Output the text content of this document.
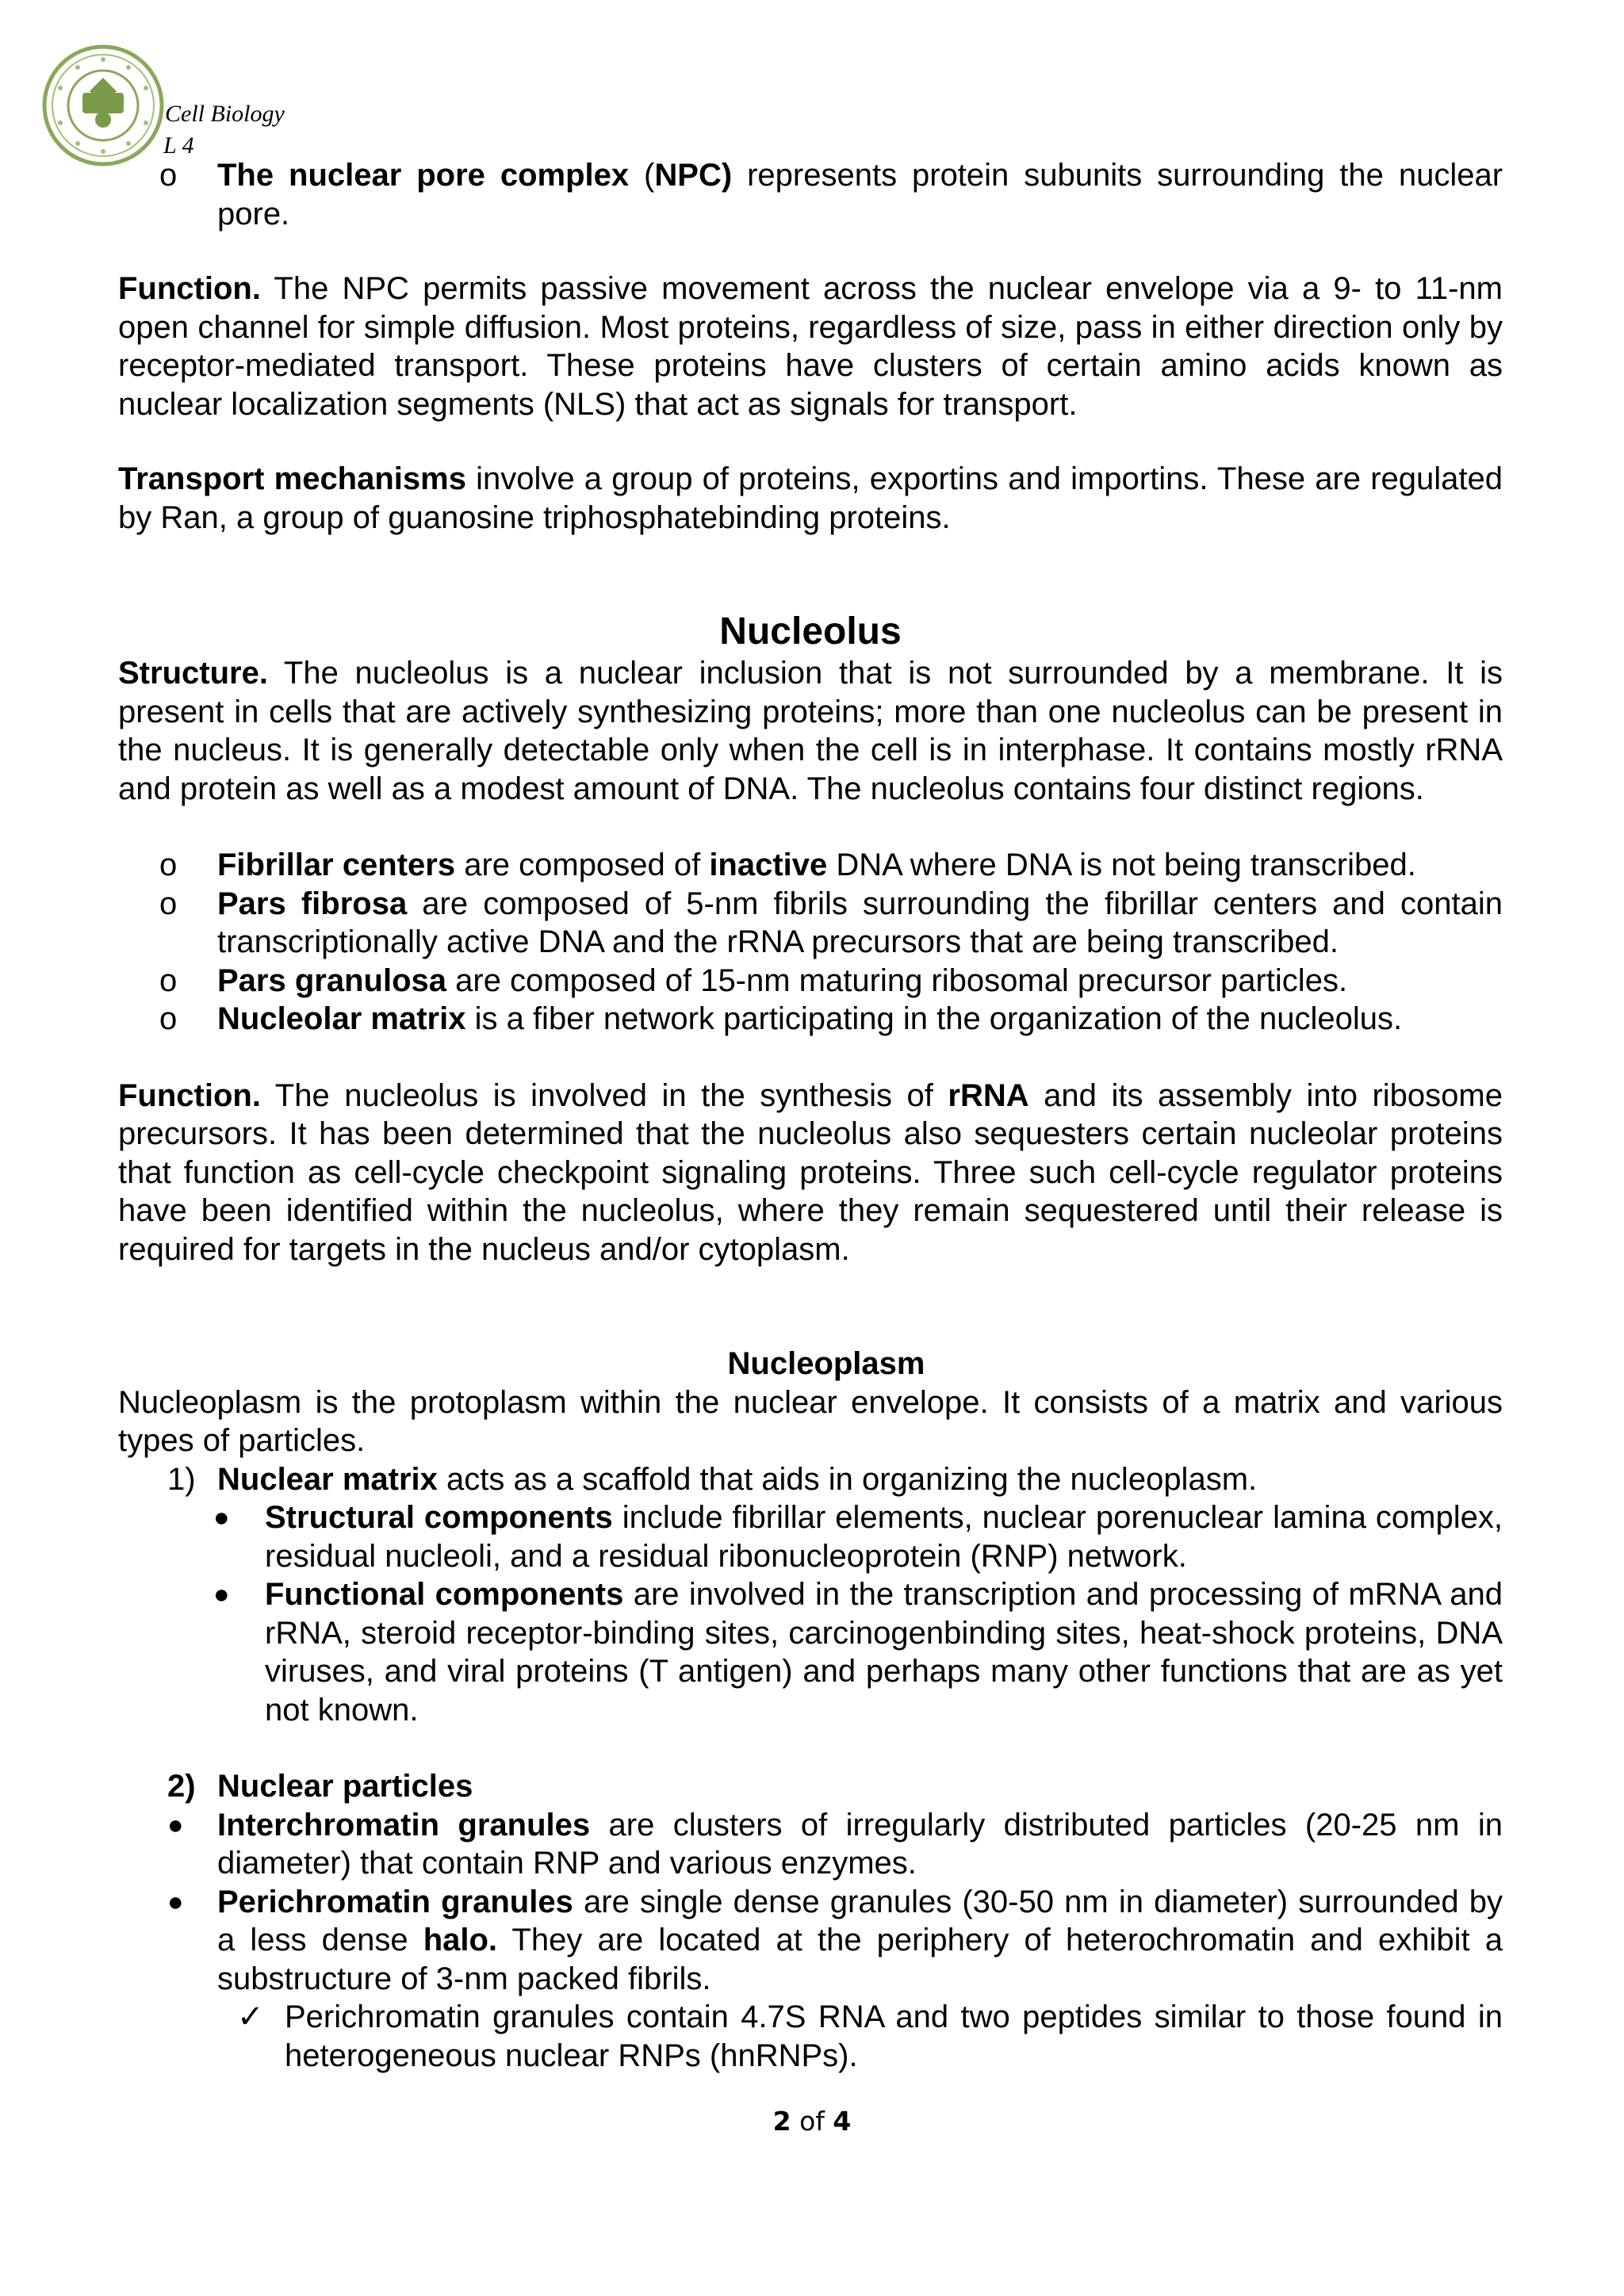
Cell Biology
L 4
o The nuclear pore complex (NPC) represents protein subunits surrounding the nuclear pore.

Function. The NPC permits passive movement across the nuclear envelope via a 9- to 11-nm open channel for simple diffusion. Most proteins, regardless of size, pass in either direction only by receptor-mediated transport. These proteins have clusters of certain amino acids known as nuclear localization segments (NLS) that act as signals for transport.

Transport mechanisms involve a group of proteins, exportins and importins. These are regulated by Ran, a group of guanosine triphosphatebinding proteins.

Nucleolus

Structure. The nucleolus is a nuclear inclusion that is not surrounded by a membrane. It is present in cells that are actively synthesizing proteins; more than one nucleolus can be present in the nucleus. It is generally detectable only when the cell is in interphase. It contains mostly rRNA and protein as well as a modest amount of DNA. The nucleolus contains four distinct regions.

o Fibrillar centers are composed of inactive DNA where DNA is not being transcribed.
o Pars fibrosa are composed of 5-nm fibrils surrounding the fibrillar centers and contain transcriptionally active DNA and the rRNA precursors that are being transcribed.
o Pars granulosa are composed of 15-nm maturing ribosomal precursor particles.
o Nucleolar matrix is a fiber network participating in the organization of the nucleolus.

Function. The nucleolus is involved in the synthesis of rRNA and its assembly into ribosome precursors. It has been determined that the nucleolus also sequesters certain nucleolar proteins that function as cell-cycle checkpoint signaling proteins. Three such cell-cycle regulator proteins have been identified within the nucleolus, where they remain sequestered until their release is required for targets in the nucleus and/or cytoplasm.

Nucleoplasm

Nucleoplasm is the protoplasm within the nuclear envelope. It consists of a matrix and various types of particles.

1) Nuclear matrix acts as a scaffold that aids in organizing the nucleoplasm.
● Structural components include fibrillar elements, nuclear porenuclear lamina complex, residual nucleoli, and a residual ribonucleoprotein (RNP) network.
● Functional components are involved in the transcription and processing of mRNA and rRNA, steroid receptor-binding sites, carcinogenbinding sites, heat-shock proteins, DNA viruses, and viral proteins (T antigen) and perhaps many other functions that are as yet not known.
2) Nuclear particles
● Interchromatin granules are clusters of irregularly distributed particles (20-25 nm in diameter) that contain RNP and various enzymes.
● Perichromatin granules are single dense granules (30-50 nm in diameter) surrounded by a less dense halo. They are located at the periphery of heterochromatin and exhibit a substructure of 3-nm packed fibrils.
✓ Perichromatin granules contain 4.7S RNA and two peptides similar to those found in heterogeneous nuclear RNPs (hnRNPs).
2 of 4
